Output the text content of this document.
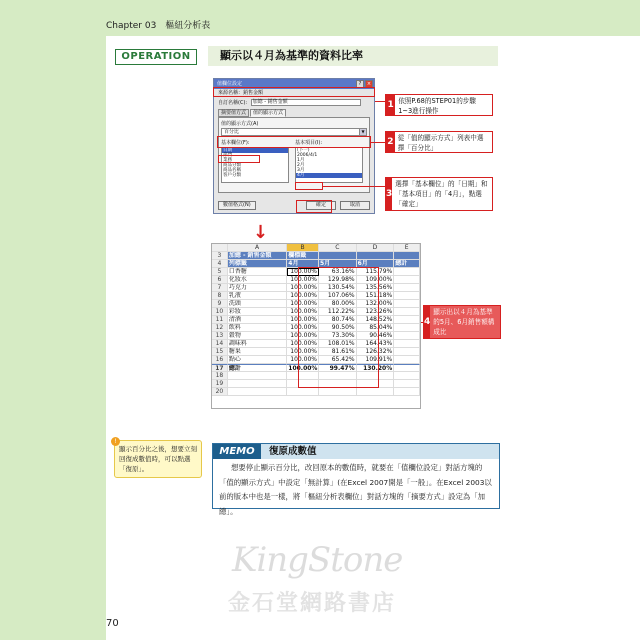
Chapter 03　樞紐分析表
OPERATION	顯示以４月為基準的資料比率
值欄位設定	?	×
來源名稱：銷售金額
自訂名稱(C): 加總 - 銷售金額
摘要值方式	值的顯示方式
值的顯示方式(A)
百分比	▼
基本欄位(F):
日期
部門
業務
商品分類
商品名稱
客戶分類
基本項目(I):
(下一)
2006/4/1
1月
2月
3月
4月
數值格式(N)	確定	取消
1 依照P.68的STEP01的步驟1~3進行操作
2 從「值的顯示方式」列表中選擇「百分比」
3
選擇「基本欄位」的「日期」和「基本項目」的「4月」，點選「確定」
4
顯示出以４月為基準的5月、6月銷售額構成比
↓
A	B	C	D	E
3	加總 - 銷售金額	欄標籤
4	列標籤	4月	5月	6月	總計
5	口香糖	100.00%	63.16%	115.79%
6	化妝水	100.00%	129.98%	109.00%
7	巧克力	100.00%	130.54%	135.56%
8	乳液	100.00%	107.06%	151.18%
9	洗頭	100.00%	80.00%	132.00%
10 彩妝	100.00%	112.22%	123.26%
11 清酒	100.00%	80.74%	148.52%
12 飲料	100.00%	90.50%	85.04%
13 穀物	100.00%	73.30%	90.46%
14 調味料	100.00%	108.01%	164.43%
15 糖果	100.00%	81.61%	126.32%
16 點心	100.00%	65.42%	109.91%
17 總計	100.00%	99.47%	130.20%
18
19
20
!
顯示百分比之後，想要立刻回復成數值時，可以點選「復原」。
MEMO	復原成數值
想要停止顯示百分比，改回原本的數值時，就要在「值欄位設定」對話方塊的「值的顯示方式」中設定「無計算」(在Excel 2007開是「一般」。在Excel 2003以前的版本中也是一樣，將「樞紐分析表欄位」對話方塊的「摘要方式」設定為「加總」。
KingStone
金石堂網路書店
70
